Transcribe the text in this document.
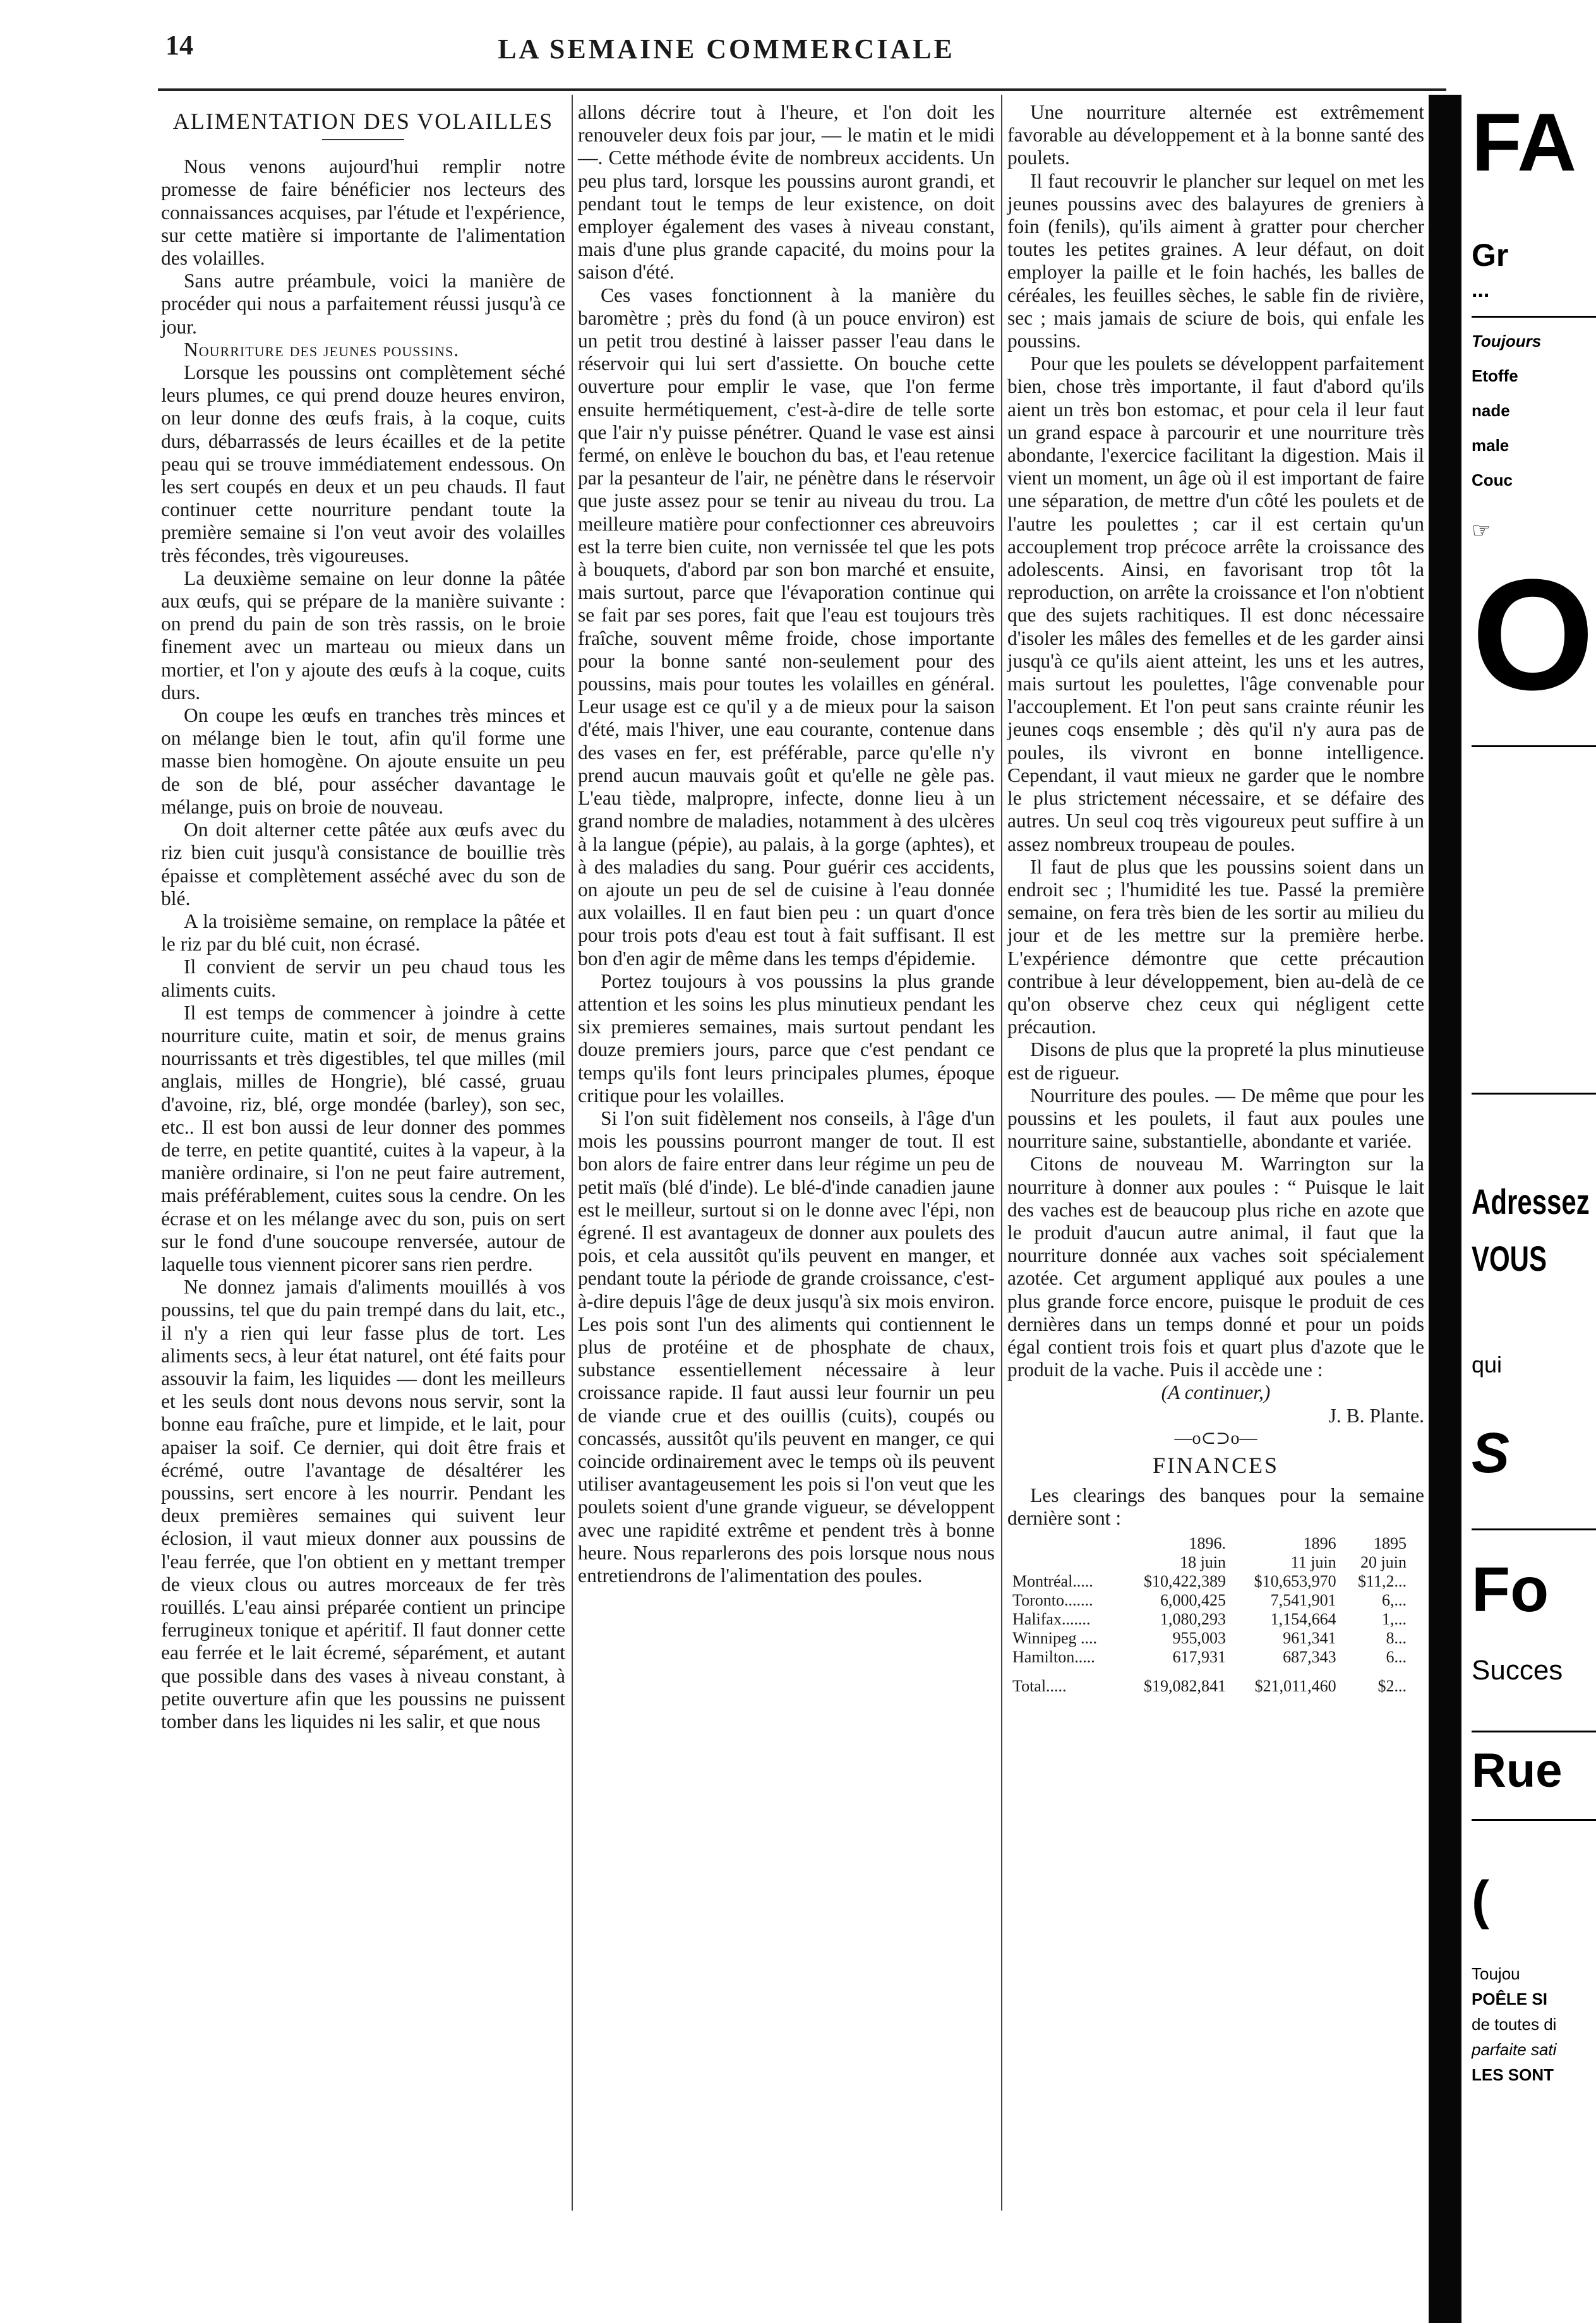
14	LA SEMAINE COMMERCIALE
ALIMENTATION DES VOLAILLES

Nous venons aujourd'hui remplir notre promesse de faire bénéficier nos lecteurs des connaissances acquises, par l'étude et l'expérience, sur cette matière si importante de l'alimentation des volailles.

Sans autre préambule, voici la manière de procéder qui nous a parfaitement réussi jusqu'à ce jour.

Nourriture des jeunes poussins.

Lorsque les poussins ont complètement séché leurs plumes, ce qui prend douze heures environ, on leur donne des œufs frais, à la coque, cuits durs, débarrassés de leurs écailles et de la petite peau qui se trouve immédiatement endessous. On les sert coupés en deux et un peu chauds. Il faut continuer cette nourriture pendant toute la première semaine si l'on veut avoir des volailles très fécondes, très vigoureuses.

La deuxième semaine on leur donne la pâtée aux œufs, qui se prépare de la manière suivante : on prend du pain de son très rassis, on le broie finement avec un marteau ou mieux dans un mortier, et l'on y ajoute des œufs à la coque, cuits durs.

On coupe les œufs en tranches très minces et on mélange bien le tout, afin qu'il forme une masse bien homogène. On ajoute ensuite un peu de son de blé, pour assécher davantage le mélange, puis on broie de nouveau.

On doit alterner cette pâtée aux œufs avec du riz bien cuit jusqu'à consistance de bouillie très épaisse et complètement asséché avec du son de blé.

A la troisième semaine, on remplace la pâtée et le riz par du blé cuit, non écrasé.

Il convient de servir un peu chaud tous les aliments cuits.

Il est temps de commencer à joindre à cette nourriture cuite, matin et soir, de menus grains nourrissants et très digestibles, tel que milles (mil anglais, milles de Hongrie), blé cassé, gruau d'avoine, riz, blé, orge mondée (barley), son sec, etc.. Il est bon aussi de leur donner des pommes de terre, en petite quantité, cuites à la vapeur, à la manière ordinaire, si l'on ne peut faire autrement, mais préférablement, cuites sous la cendre. On les écrase et on les mélange avec du son, puis on sert sur le fond d'une soucoupe renversée, autour de laquelle tous viennent picorer sans rien perdre.

Ne donnez jamais d'aliments mouillés à vos poussins, tel que du pain trempé dans du lait, etc., il n'y a rien qui leur fasse plus de tort. Les aliments secs, à leur état naturel, ont été faits pour assouvir la faim, les liquides — dont les meilleurs et les seuls dont nous devons nous servir, sont la bonne eau fraîche, pure et limpide, et le lait, pour apaiser la soif. Ce dernier, qui doit être frais et écrémé, outre l'avantage de désaltérer les poussins, sert encore à les nourrir. Pendant les deux premières semaines qui suivent leur éclosion, il vaut mieux donner aux poussins de l'eau ferrée, que l'on obtient en y mettant tremper de vieux clous ou autres morceaux de fer très rouillés. L'eau ainsi préparée contient un principe ferrugineux tonique et apéritif. Il faut donner cette eau ferrée et le lait écremé, séparément, et autant que possible dans des vases à niveau constant, à petite ouverture afin que les poussins ne puissent tomber dans les liquides ni les salir, et que nous

allons décrire tout à l'heure, et l'on doit les renouveler deux fois par jour, — le matin et le midi —. Cette méthode évite de nombreux accidents. Un peu plus tard, lorsque les poussins auront grandi, et pendant tout le temps de leur existence, on doit employer également des vases à niveau constant, mais d'une plus grande capacité, du moins pour la saison d'été.

Ces vases fonctionnent à la manière du baromètre ; près du fond (à un pouce environ) est un petit trou destiné à laisser passer l'eau dans le réservoir qui lui sert d'assiette. On bouche cette ouverture pour emplir le vase, que l'on ferme ensuite hermétiquement, c'est-à-dire de telle sorte que l'air n'y puisse pénétrer. Quand le vase est ainsi fermé, on enlève le bouchon du bas, et l'eau retenue par la pesanteur de l'air, ne pénètre dans le réservoir que juste assez pour se tenir au niveau du trou. La meilleure matière pour confectionner ces abreuvoirs est la terre bien cuite, non vernissée tel que les pots à bouquets, d'abord par son bon marché et ensuite, mais surtout, parce que l'évaporation continue qui se fait par ses pores, fait que l'eau est toujours très fraîche, souvent même froide, chose importante pour la bonne santé non-seulement pour des poussins, mais pour toutes les volailles en général. Leur usage est ce qu'il y a de mieux pour la saison d'été, mais l'hiver, une eau courante, contenue dans des vases en fer, est préférable, parce qu'elle n'y prend aucun mauvais goût et qu'elle ne gèle pas. L'eau tiède, malpropre, infecte, donne lieu à un grand nombre de maladies, notamment à des ulcères à la langue (pépie), au palais, à la gorge (aphtes), et à des maladies du sang. Pour guérir ces accidents, on ajoute un peu de sel de cuisine à l'eau donnée aux volailles. Il en faut bien peu : un quart d'once pour trois pots d'eau est tout à fait suffisant. Il est bon d'en agir de même dans les temps d'épidemie.

Portez toujours à vos poussins la plus grande attention et les soins les plus minutieux pendant les six premieres semaines, mais surtout pendant les douze premiers jours, parce que c'est pendant ce temps qu'ils font leurs principales plumes, époque critique pour les volailles.

Si l'on suit fidèlement nos conseils, à l'âge d'un mois les poussins pourront manger de tout. Il est bon alors de faire entrer dans leur régime un peu de petit maïs (blé d'inde). Le blé-d'inde canadien jaune est le meilleur, surtout si on le donne avec l'épi, non égrené. Il est avantageux de donner aux poulets des pois, et cela aussitôt qu'ils peuvent en manger, et pendant toute la période de grande croissance, c'est-à-dire depuis l'âge de deux jusqu'à six mois environ. Les pois sont l'un des aliments qui contiennent le plus de protéine et de phosphate de chaux, substance essentiellement nécessaire à leur croissance rapide. Il faut aussi leur fournir un peu de viande crue et des ouillis (cuits), coupés ou concassés, aussitôt qu'ils peuvent en manger, ce qui coincide ordinairement avec le temps où ils peuvent utiliser avantageusement les pois si l'on veut que les poulets soient d'une grande vigueur, se développent avec une rapidité extrême et pendent très à bonne heure. Nous reparlerons des pois lorsque nous nous entretiendrons de l'alimentation des poules.

Une nourriture alternée est extrêmement favorable au développement et à la bonne santé des poulets.

Il faut recouvrir le plancher sur lequel on met les jeunes poussins avec des balayures de greniers à foin (fenils), qu'ils aiment à gratter pour chercher toutes les petites graines. A leur défaut, on doit employer la paille et le foin hachés, les balles de céréales, les feuilles sèches, le sable fin de rivière, sec ; mais jamais de sciure de bois, qui enfale les poussins.

Pour que les poulets se développent parfaitement bien, chose très importante, il faut d'abord qu'ils aient un très bon estomac, et pour cela il leur faut un grand espace à parcourir et une nourriture très abondante, l'exercice facilitant la digestion. Mais il vient un moment, un âge où il est important de faire une séparation, de mettre d'un côté les poulets et de l'autre les poulettes ; car il est certain qu'un accouplement trop précoce arrête la croissance des adolescents. Ainsi, en favorisant trop tôt la reproduction, on arrête la croissance et l'on n'obtient que des sujets rachitiques. Il est donc nécessaire d'isoler les mâles des femelles et de les garder ainsi jusqu'à ce qu'ils aient atteint, les uns et les autres, mais surtout les poulettes, l'âge convenable pour l'accouplement. Et l'on peut sans crainte réunir les jeunes coqs ensemble ; dès qu'il n'y aura pas de poules, ils vivront en bonne intelligence. Cependant, il vaut mieux ne garder que le nombre le plus strictement nécessaire, et se défaire des autres. Un seul coq très vigoureux peut suffire à un assez nombreux troupeau de poules.

Il faut de plus que les poussins soient dans un endroit sec ; l'humidité les tue. Passé la première semaine, on fera très bien de les sortir au milieu du jour et de les mettre sur la première herbe. L'expérience démontre que cette précaution contribue à leur développement, bien au-delà de ce qu'on observe chez ceux qui négligent cette précaution.

Disons de plus que la propreté la plus minutieuse est de rigueur.

Nourriture des poules. — De même que pour les poussins et les poulets, il faut aux poules une nourriture saine, substantielle, abondante et variée.

Citons de nouveau M. Warrington sur la nourriture à donner aux poules : “ Puisque le lait des vaches est de beaucoup plus riche en azote que le produit d'aucun autre animal, il faut que la nourriture donnée aux vaches soit spécialement azotée. Cet argument appliqué aux poules a une plus grande force encore, puisque le produit de ces dernières dans un temps donné et pour un poids égal contient trois fois et quart plus d'azote que le produit de la vache. Puis il accède une :

(A continuer,)

J. B. Plante.

—o⊂⊃o—

FINANCES

Les clearings des banques pour la semaine dernière sont :

	1896.	1896	1895
	18 juin	11 juin	20 juin
Montréal.....	$10,422,389	$10,653,970	$11,2...
Toronto.......	6,000,425	7,541,901	6,...
Halifax.......	1,080,293	1,154,664	1,...
Winnipeg ....	955,003	961,341	8...
Hamilton.....	617,931	687,343	6...
Total.....	$19,082,841	$21,011,460	$2...
FA
Gr
...
Toujours
Etoffe
nade
male
Couc
☞
O
Adressez
VOUS
qui
S
Fo
Succes
Rue
(
Toujou
POÊLE SI
de toutes di
parfaite sati
LES SONT
